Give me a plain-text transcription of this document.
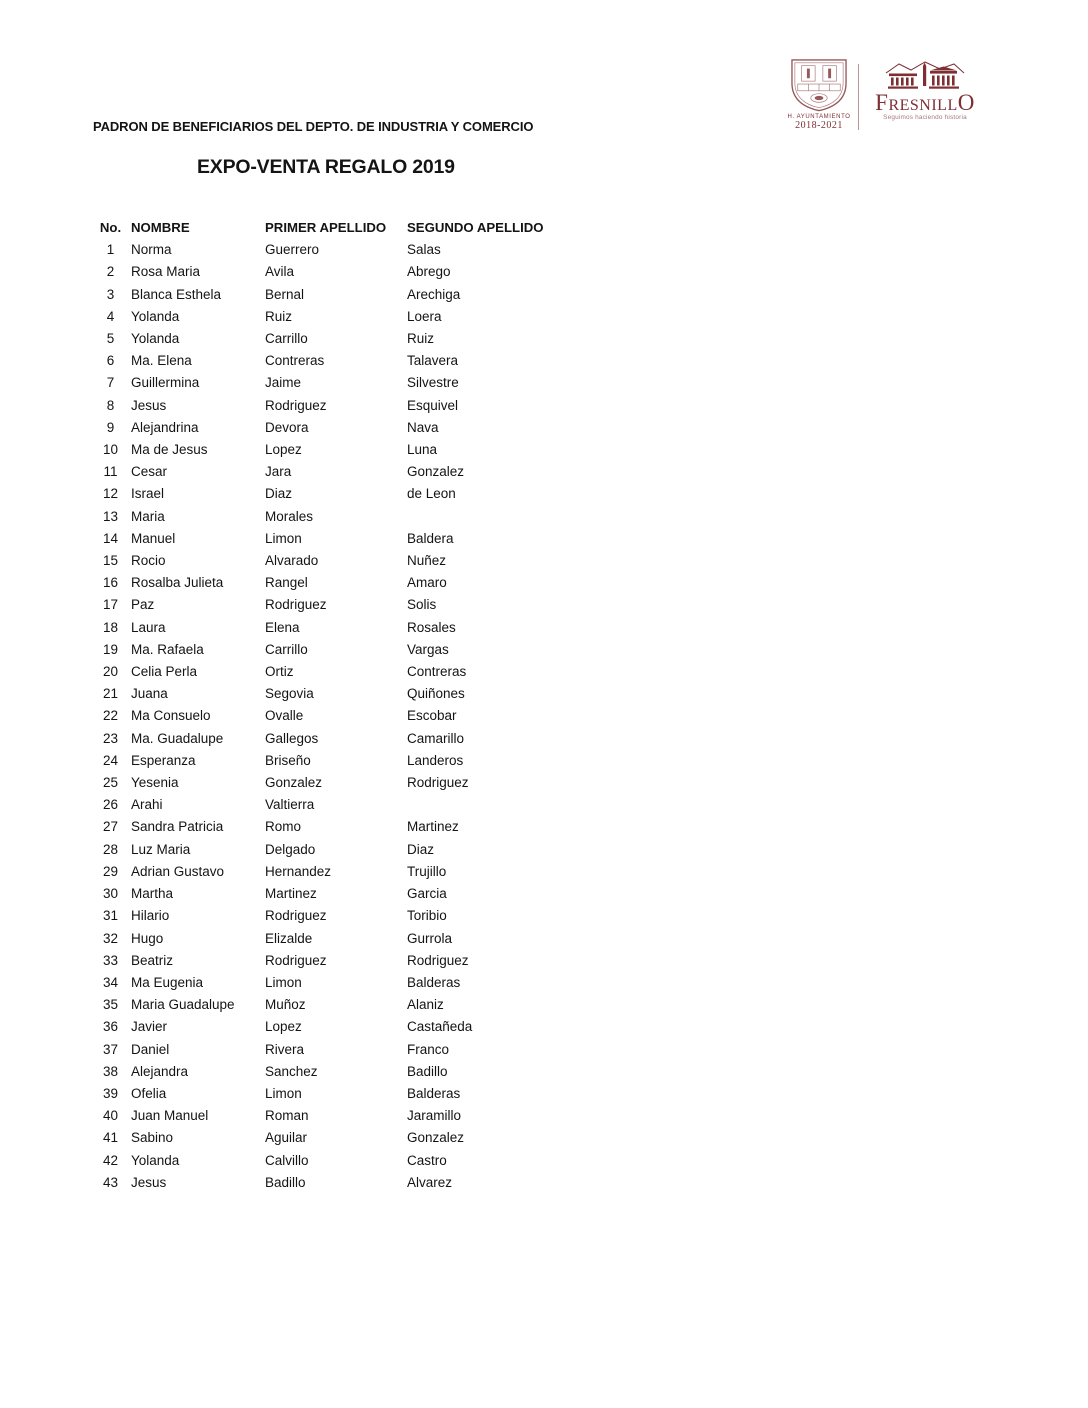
H. AYUNTAMIENTO
2018-2021
FresnillO
Seguimos haciendo historia
PADRON DE BENEFICIARIOS DEL DEPTO. DE INDUSTRIA Y COMERCIO
EXPO-VENTA REGALO 2019
No.	NOMBRE	PRIMER APELLIDO	SEGUNDO APELLIDO
1	Norma	Guerrero	Salas
2	Rosa Maria	Avila	Abrego
3	Blanca Esthela	Bernal	Arechiga
4	Yolanda	Ruiz	Loera
5	Yolanda	Carrillo	Ruiz
6	Ma. Elena	Contreras	Talavera
7	Guillermina	Jaime	Silvestre
8	Jesus	Rodriguez	Esquivel
9	Alejandrina	Devora	Nava
10	Ma de Jesus	Lopez	Luna
11	Cesar	Jara	Gonzalez
12	Israel	Diaz	de Leon
13	Maria	Morales	
14	Manuel	Limon	Baldera
15	Rocio	Alvarado	Nuñez
16	Rosalba Julieta	Rangel	Amaro
17	Paz	Rodriguez	Solis
18	Laura	Elena	Rosales
19	Ma. Rafaela	Carrillo	Vargas
20	Celia Perla	Ortiz	Contreras
21	Juana	Segovia	Quiñones
22	Ma Consuelo	Ovalle	Escobar
23	Ma. Guadalupe	Gallegos	Camarillo
24	Esperanza	Briseño	Landeros
25	Yesenia	Gonzalez	Rodriguez
26	Arahi	Valtierra	
27	Sandra Patricia	Romo	Martinez
28	Luz Maria	Delgado	Diaz
29	Adrian Gustavo	Hernandez	Trujillo
30	Martha	Martinez	Garcia
31	Hilario	Rodriguez	Toribio
32	Hugo	Elizalde	Gurrola
33	Beatriz	Rodriguez	Rodriguez
34	Ma Eugenia	Limon	Balderas
35	Maria Guadalupe	Muñoz	Alaniz
36	Javier	Lopez	Castañeda
37	Daniel	Rivera	Franco
38	Alejandra	Sanchez	Badillo
39	Ofelia	Limon	Balderas
40	Juan Manuel	Roman	Jaramillo
41	Sabino	Aguilar	Gonzalez
42	Yolanda	Calvillo	Castro
43	Jesus	Badillo	Alvarez
